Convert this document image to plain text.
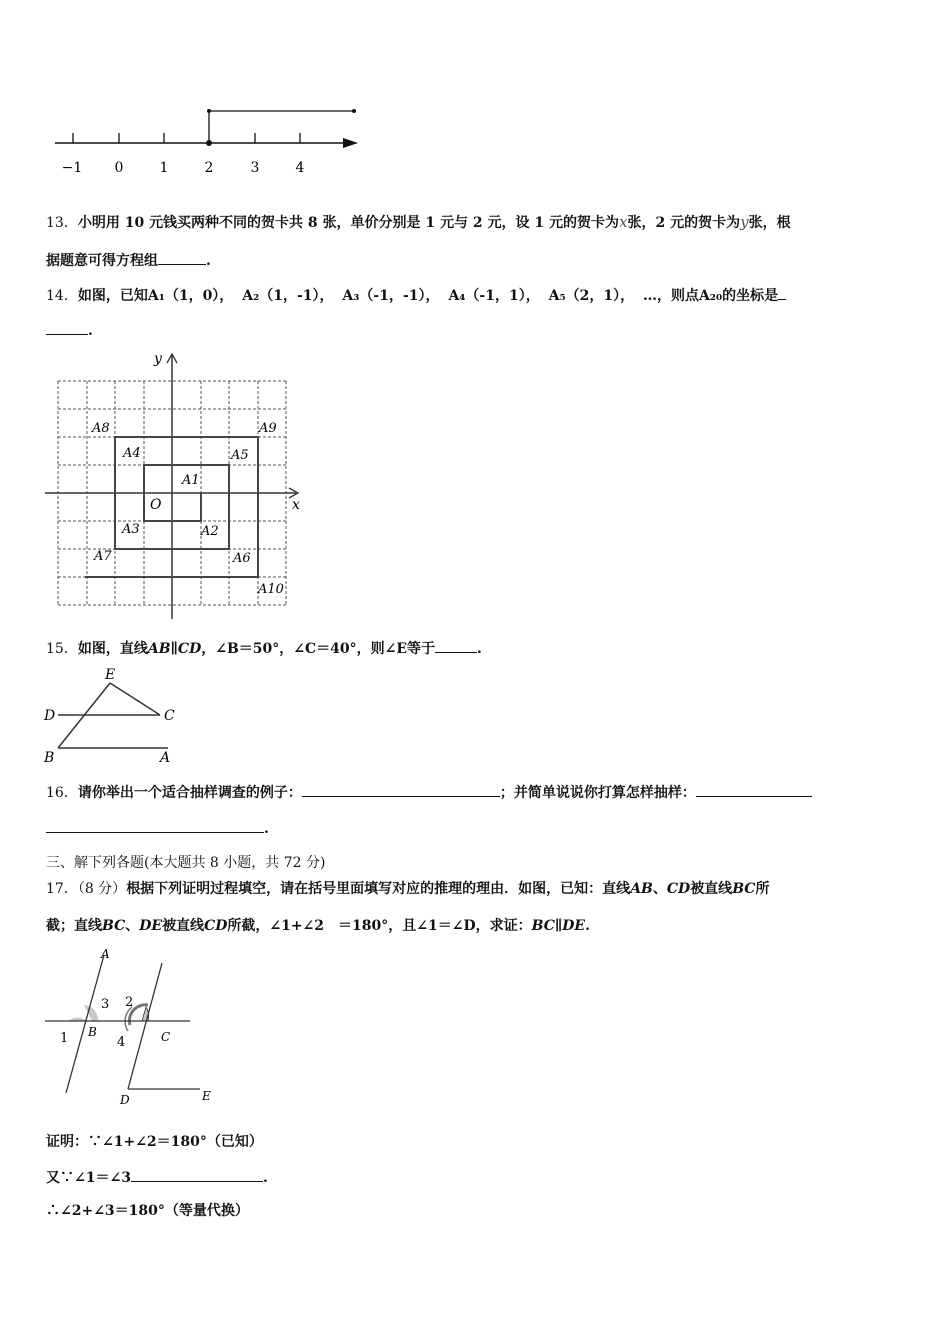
−1 0	1	2	3	4
13．小明用 10 元钱买两种不同的贺卡共 8 张，单价分别是 1 元与 2 元，设 1 元的贺卡为x张，2 元的贺卡为y张，根
据题意可得方程组	.
14．如图，已知A₁（1，0）， A₂（1，-1）， A₃（-1，-1）， A₄（-1，1）， A₅（2，1）， …，则点A₂₀的坐标是
.
A8	A9
A4	A5
A1
O
A3	A2
A7	A6
A10
y
x
15．如图，直线AB∥CD，∠B＝50°，∠C＝40°，则∠E等于	.
E
D	C
B	A
16．请你举出一个适合抽样调查的例子：	；并简单说说你打算怎样抽样：
.
三、解下列各题(本大题共 8 小题，共 72 分)
17．（8 分）根据下列证明过程填空，请在括号里面填写对应的推理的理由．如图，已知：直线AB、CD被直线BC所
截；直线BC、DE被直线CD所截，∠1+∠2　＝180°，且∠1＝∠D，求证：BC∥DE.
A
3 2
1 B
4	C
D	E
证明：∵∠1+∠2＝180°（已知）
又∵∠1＝∠3	.
∴∠2+∠3＝180°（等量代换）
